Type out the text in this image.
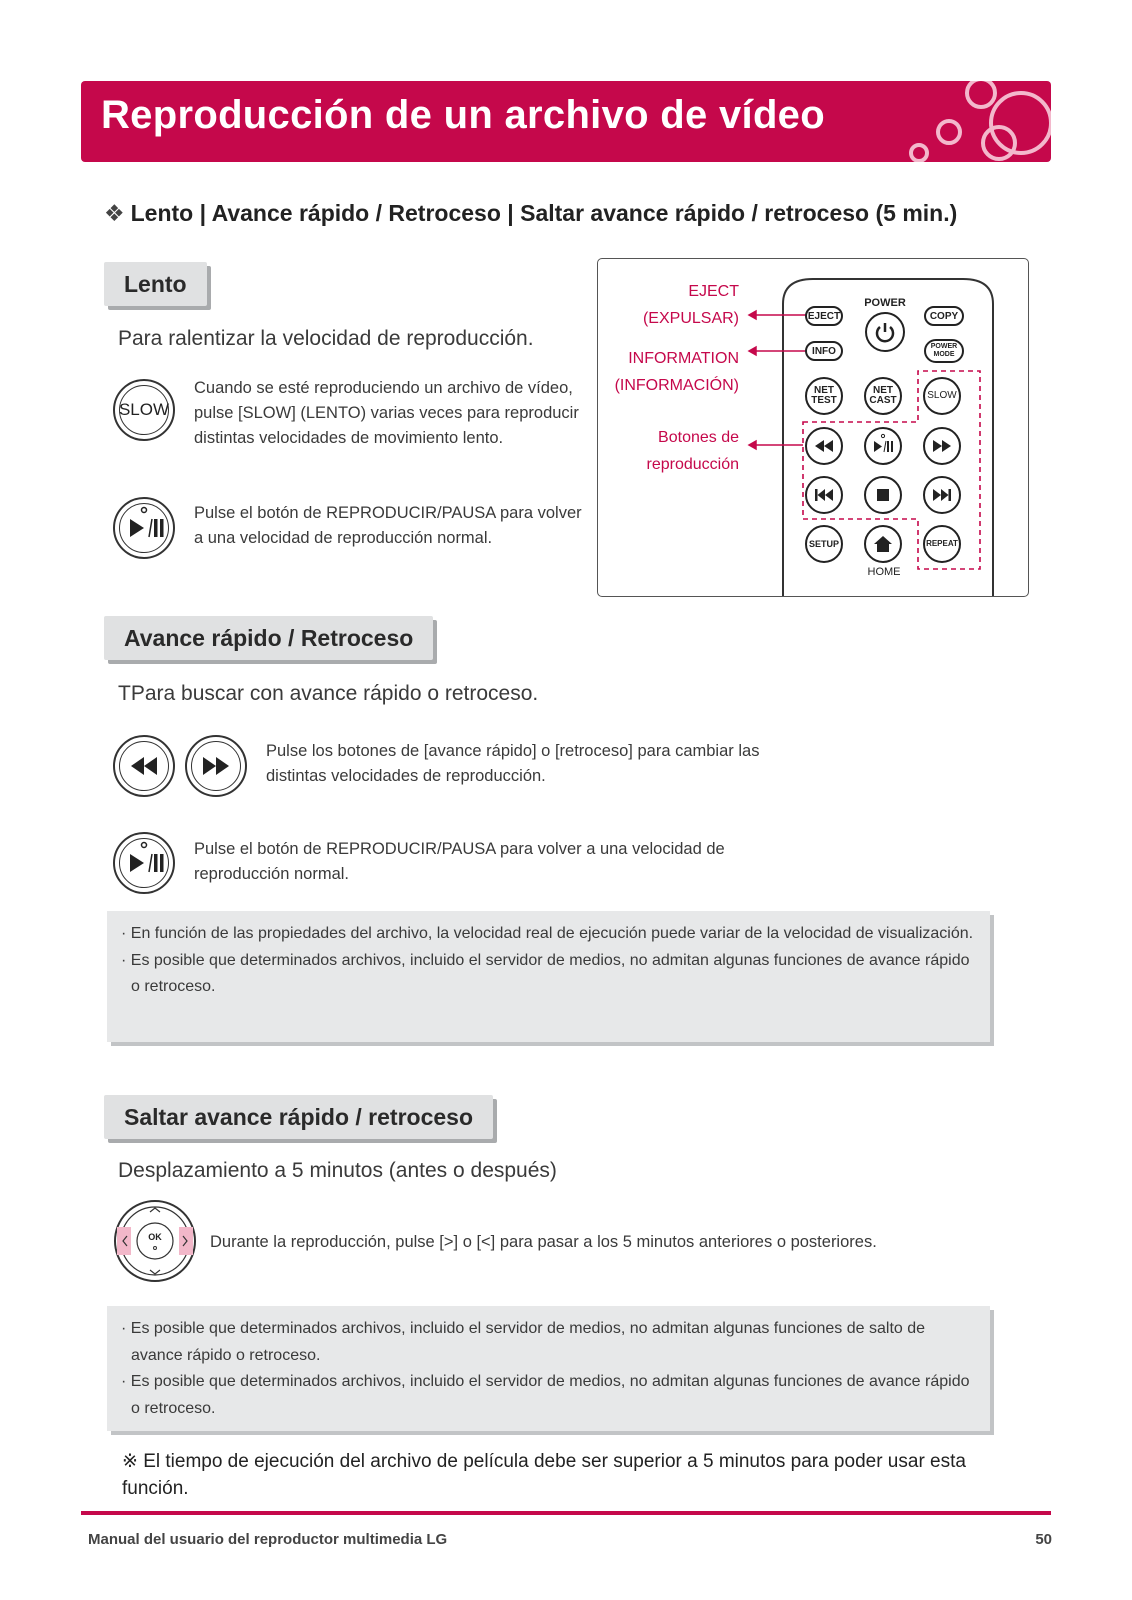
Reproducción de un archivo de vídeo
❖ Lento | Avance rápido / Retroceso | Saltar avance rápido / retroceso (5 min.)
Lento
Para ralentizar la velocidad de reproducción.
SLOW
Cuando se esté reproduciendo un archivo de vídeo, pulse [SLOW] (LENTO) varias veces para reproducir distintas velocidades de movimiento lento.
Pulse el botón de REPRODUCIR/PAUSA para volver a una velocidad de reproducción normal.
EJECT
(EXPULSAR)
INFORMATION
(INFORMACIÓN)
Botones de
reproducción
POWER
EJECT	COPY
INFO	POWER
MODE
NET
TEST
NET
CAST	SLOW
SETUP	REPEAT
HOME
Avance rápido / Retroceso
TPara buscar con avance rápido o retroceso.
Pulse los botones de [avance rápido] o [retroceso] para cambiar las distintas velocidades de reproducción.
Pulse el botón de REPRODUCIR/PAUSA para volver a una velocidad de reproducción normal.
· En función de las propiedades del archivo, la velocidad real de ejecución puede variar de la velocidad de visualización.
· Es posible que determinados archivos, incluido el servidor de medios, no admitan algunas funciones de avance rápido o retroceso.
Saltar avance rápido / retroceso
Desplazamiento a 5 minutos (antes o después)
OK	Durante la reproducción, pulse [>] o [<] para pasar a los 5 minutos anteriores o posteriores.
· Es posible que determinados archivos, incluido el servidor de medios, no admitan algunas funciones de salto de avance rápido o retroceso.
· Es posible que determinados archivos, incluido el servidor de medios, no admitan algunas funciones de avance rápido o retroceso.
※ El tiempo de ejecución del archivo de película debe ser superior a 5 minutos para poder usar esta función.
Manual del usuario del reproductor multimedia LG	50
